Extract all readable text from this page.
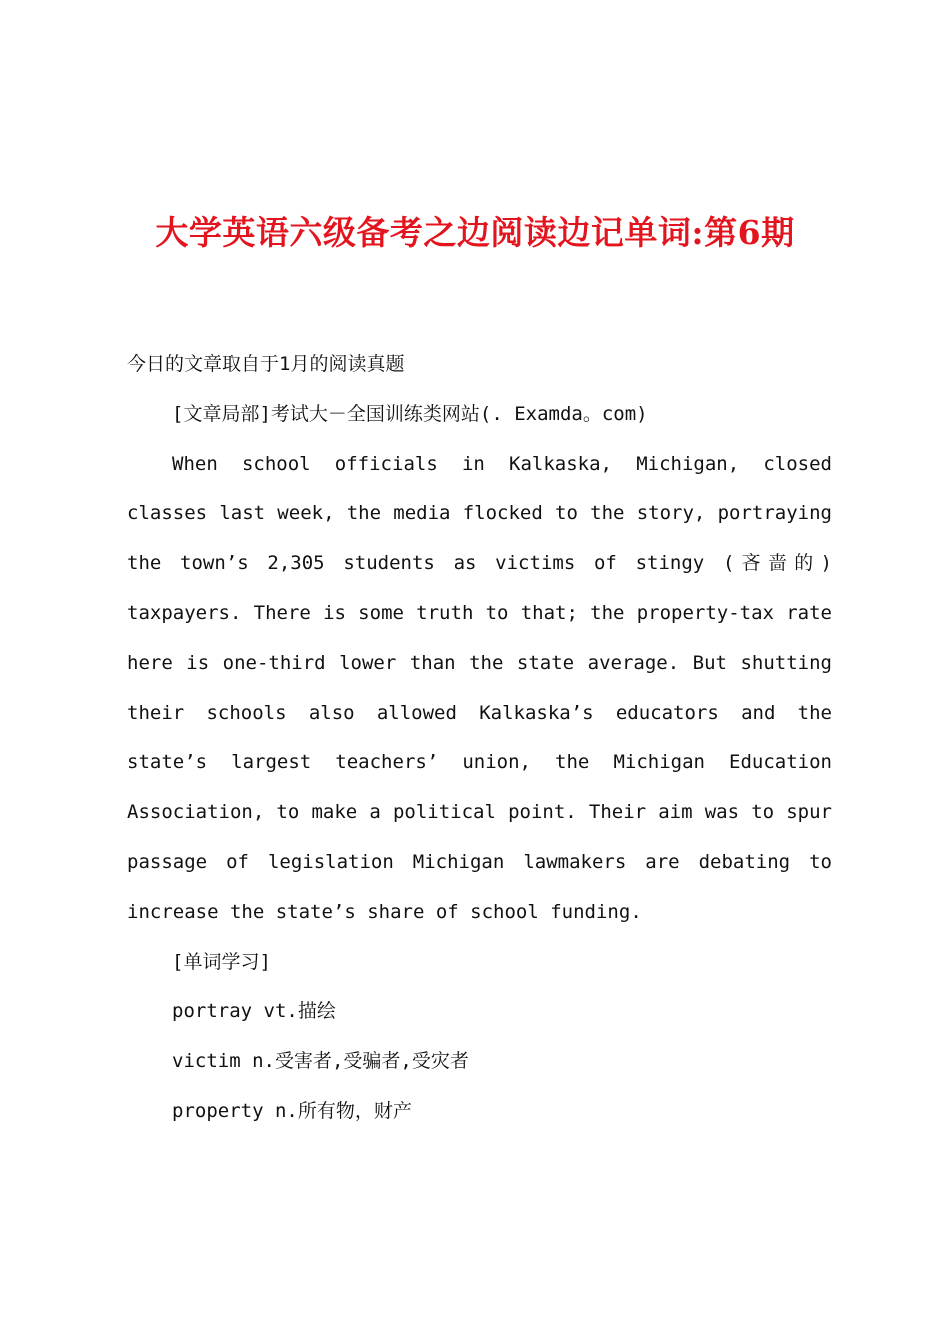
大学英语六级备考之边阅读边记单词:第6期

今日的文章取自于1月的阅读真题

[文章局部]考试大－全国训练类网站(. Examda。com)

When school officials in Kalkaska, Michigan, closed classes last week, the media flocked to the story, portraying the town’s 2,305 students as victims of stingy (吝啬的) taxpayers. There is some truth to that; the property-tax rate here is one-third lower than the state average. But shutting their schools also allowed Kalkaska’s educators and the state’s largest teachers’ union, the Michigan Education Association, to make a political point. Their aim was to spur passage of legislation Michigan lawmakers are debating to increase the state’s share of school funding.

[单词学习]

portray vt.描绘

victim n.受害者,受骗者,受灾者

property n.所有物，财产
